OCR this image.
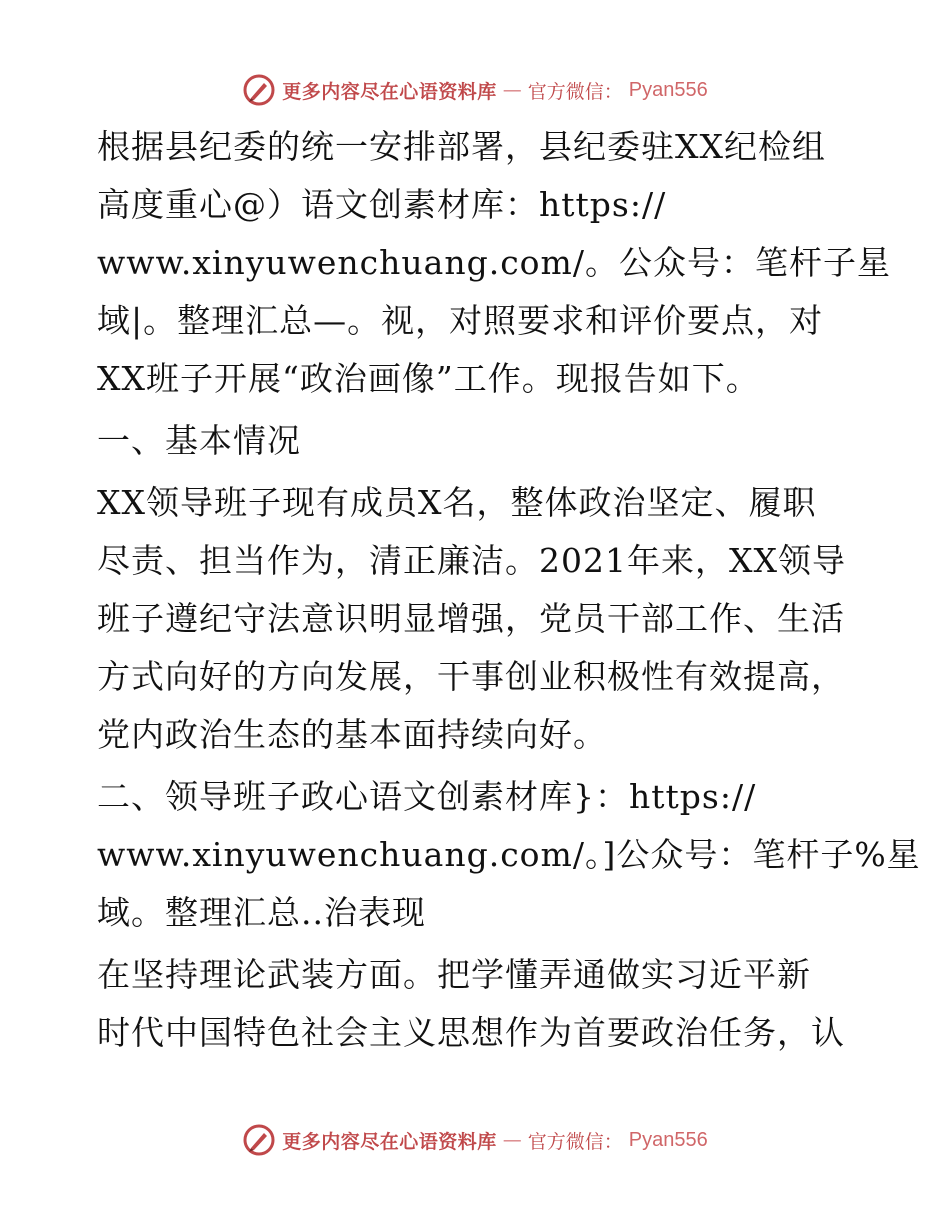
更多内容尽在心语资料库 — 官方微信： Pyan556
根据县纪委的统一安排部署，县纪委驻XX纪检组
高度重心@）语文创素材库：https://
www.xinyuwenchuang.com/。公众号：笔杆子星
域|。整理汇总—。视，对照要求和评价要点，对
XX班子开展“政治画像”工作。现报告如下。
一、基本情况
XX领导班子现有成员X名，整体政治坚定、履职
尽责、担当作为，清正廉洁。2021年来，XX领导
班子遵纪守法意识明显增强，党员干部工作、生活
方式向好的方向发展，干事创业积极性有效提高，
党内政治生态的基本面持续向好。
二、领导班子政心语文创素材库}：https://
www.xinyuwenchuang.com/。]公众号：笔杆子%星
域。整理汇总..治表现
在坚持理论武装方面。把学懂弄通做实习近平新
时代中国特色社会主义思想作为首要政治任务，认
更多内容尽在心语资料库 — 官方微信： Pyan556
